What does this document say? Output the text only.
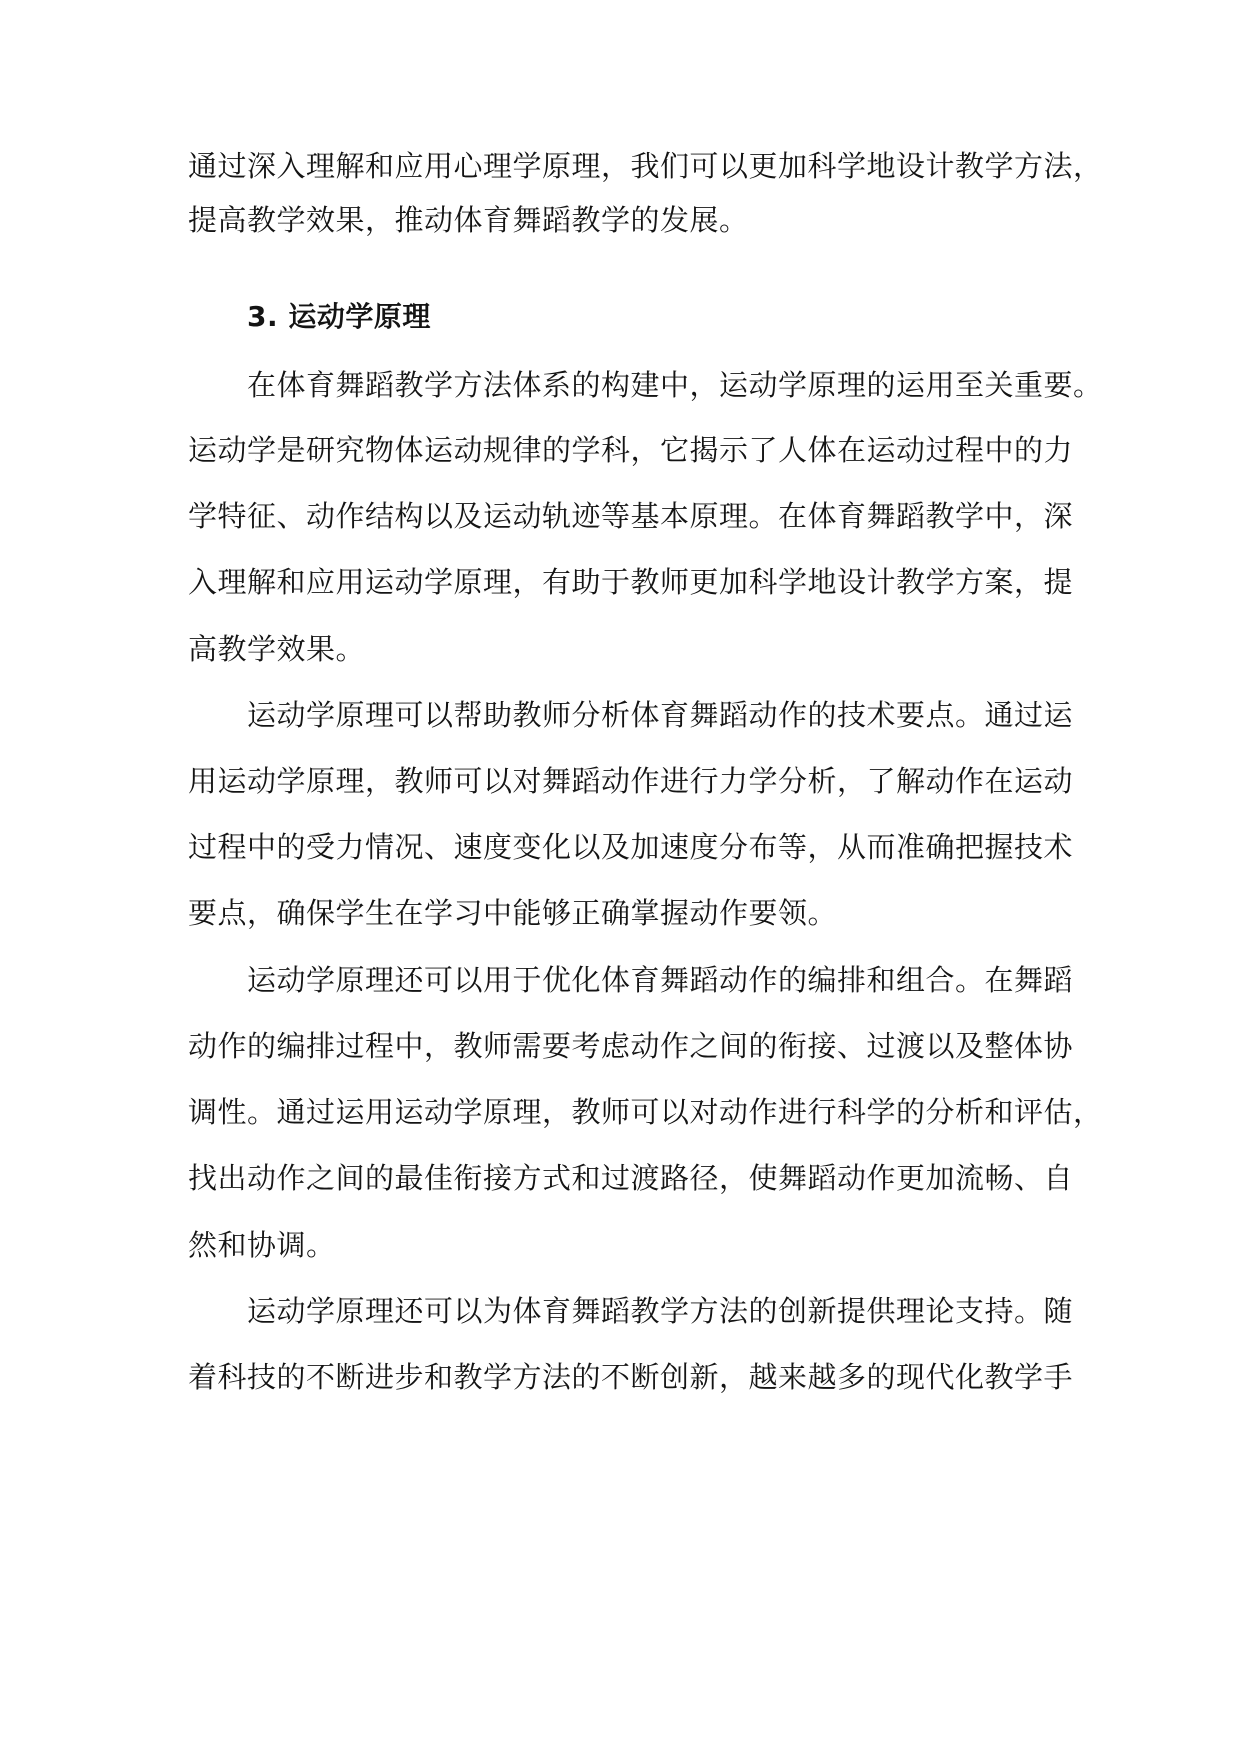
通过深入理解和应用心理学原理，我们可以更加科学地设计教学方法，
提高教学效果，推动体育舞蹈教学的发展。
3. 运动学原理
在体育舞蹈教学方法体系的构建中，运动学原理的运用至关重要。
运动学是研究物体运动规律的学科，它揭示了人体在运动过程中的力
学特征、动作结构以及运动轨迹等基本原理。在体育舞蹈教学中，深
入理解和应用运动学原理，有助于教师更加科学地设计教学方案，提
高教学效果。
运动学原理可以帮助教师分析体育舞蹈动作的技术要点。通过运
用运动学原理，教师可以对舞蹈动作进行力学分析，了解动作在运动
过程中的受力情况、速度变化以及加速度分布等，从而准确把握技术
要点，确保学生在学习中能够正确掌握动作要领。
运动学原理还可以用于优化体育舞蹈动作的编排和组合。在舞蹈
动作的编排过程中，教师需要考虑动作之间的衔接、过渡以及整体协
调性。通过运用运动学原理，教师可以对动作进行科学的分析和评估，
找出动作之间的最佳衔接方式和过渡路径，使舞蹈动作更加流畅、自
然和协调。
运动学原理还可以为体育舞蹈教学方法的创新提供理论支持。随
着科技的不断进步和教学方法的不断创新，越来越多的现代化教学手
